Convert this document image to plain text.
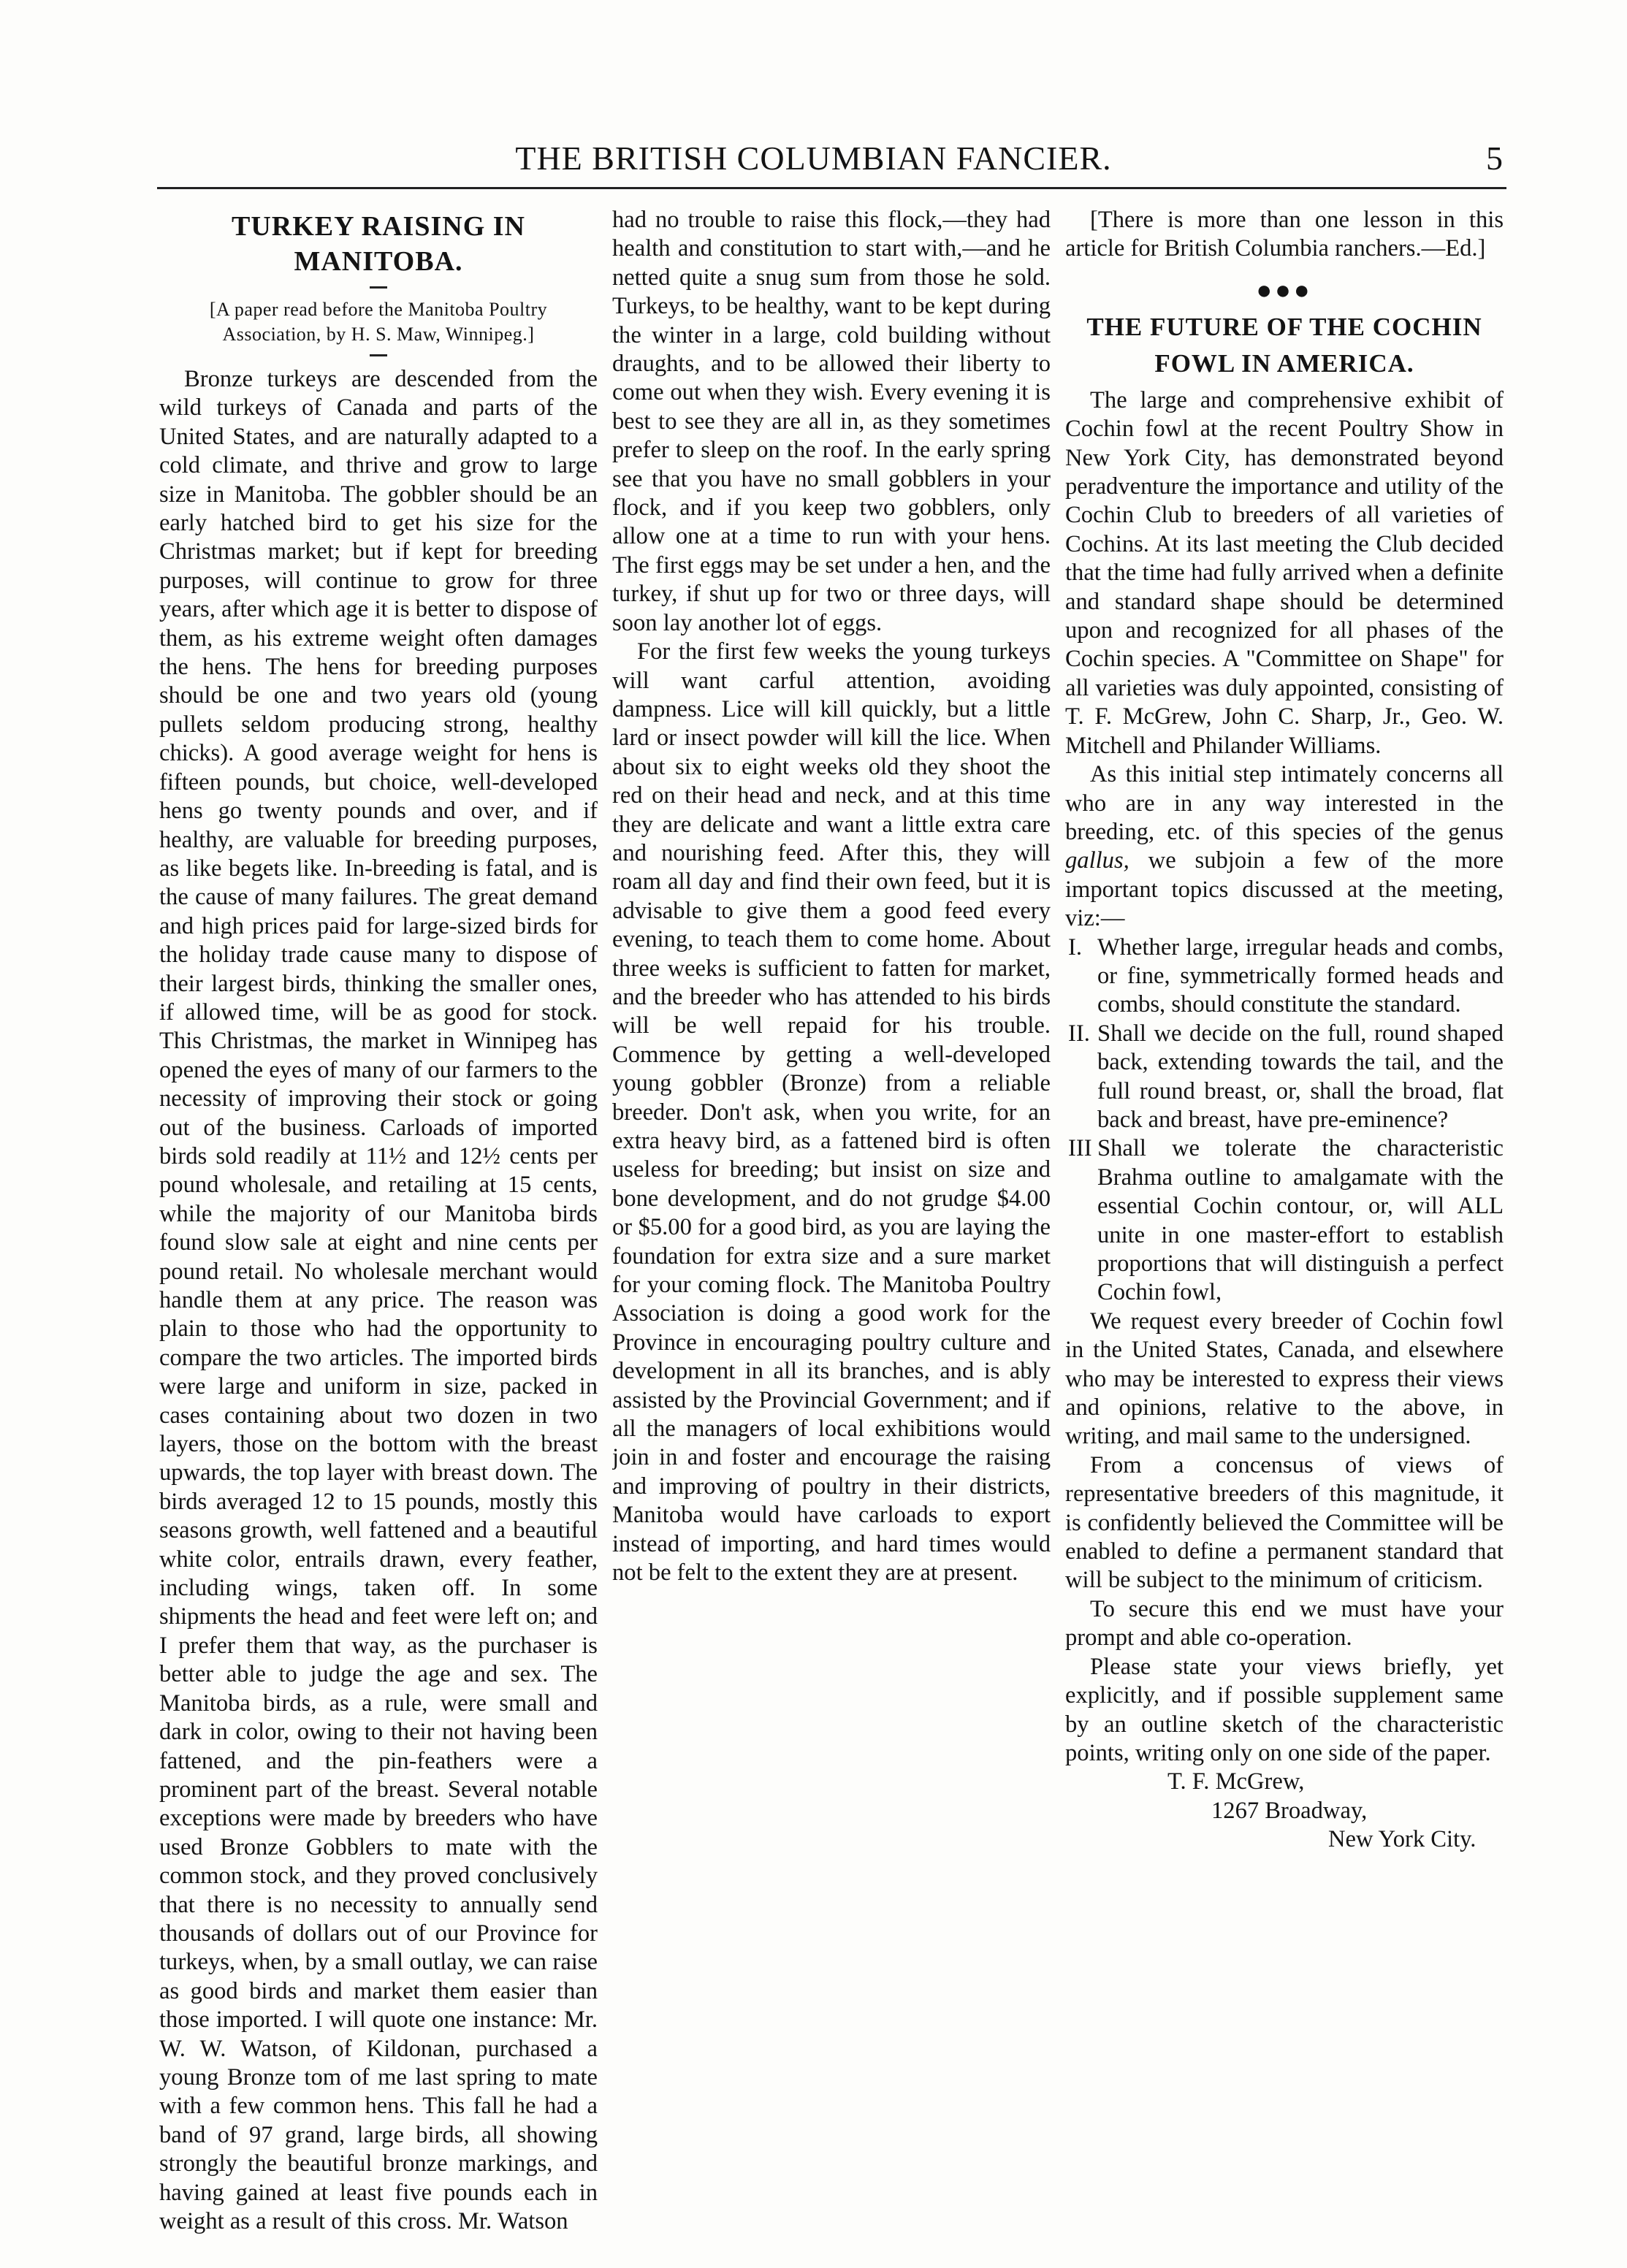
THE BRITISH COLUMBIAN FANCIER.	5
TURKEY RAISING IN MANITOBA.
[A paper read before the Manitoba Poultry Association, by H. S. Maw, Winnipeg.]

Bronze turkeys are descended from the wild turkeys of Canada and parts of the United States, and are naturally adapted to a cold climate, and thrive and grow to large size in Manitoba. The gobbler should be an early hatched bird to get his size for the Christmas market; but if kept for breeding purposes, will continue to grow for three years, after which age it is better to dispose of them, as his extreme weight often damages the hens. The hens for breeding purposes should be one and two years old (young pullets seldom producing strong, healthy chicks). A good average weight for hens is fifteen pounds, but choice, well-developed hens go twenty pounds and over, and if healthy, are valuable for breeding purposes, as like begets like. In-breeding is fatal, and is the cause of many failures. The great demand and high prices paid for large-sized birds for the holiday trade cause many to dispose of their largest birds, thinking the smaller ones, if allowed time, will be as good for stock. This Christmas, the market in Winnipeg has opened the eyes of many of our farmers to the necessity of improving their stock or going out of the business. Carloads of imported birds sold readily at 11½ and 12½ cents per pound wholesale, and retailing at 15 cents, while the majority of our Manitoba birds found slow sale at eight and nine cents per pound retail. No wholesale merchant would handle them at any price. The reason was plain to those who had the opportunity to compare the two articles. The imported birds were large and uniform in size, packed in cases containing about two dozen in two layers, those on the bottom with the breast upwards, the top layer with breast down. The birds averaged 12 to 15 pounds, mostly this seasons growth, well fattened and a beautiful white color, entrails drawn, every feather, including wings, taken off. In some shipments the head and feet were left on; and I prefer them that way, as the purchaser is better able to judge the age and sex. The Manitoba birds, as a rule, were small and dark in color, owing to their not having been fattened, and the pin-feathers were a prominent part of the breast. Several notable exceptions were made by breeders who have used Bronze Gobblers to mate with the common stock, and they proved conclusively that there is no necessity to annually send thousands of dollars out of our Province for turkeys, when, by a small outlay, we can raise as good birds and market them easier than those imported. I will quote one instance: Mr. W. W. Watson, of Kildonan, purchased a young Bronze tom of me last spring to mate with a few common hens. This fall he had a band of 97 grand, large birds, all showing strongly the beautiful bronze markings, and having gained at least five pounds each in weight as a result of this cross. Mr. Watson

had no trouble to raise this flock,—they had health and constitution to start with,—and he netted quite a snug sum from those he sold. Turkeys, to be healthy, want to be kept during the winter in a large, cold building without draughts, and to be allowed their liberty to come out when they wish. Every evening it is best to see they are all in, as they sometimes prefer to sleep on the roof. In the early spring see that you have no small gobblers in your flock, and if you keep two gobblers, only allow one at a time to run with your hens. The first eggs may be set under a hen, and the turkey, if shut up for two or three days, will soon lay another lot of eggs.

For the first few weeks the young turkeys will want carful attention, avoiding dampness. Lice will kill quickly, but a little lard or insect powder will kill the lice. When about six to eight weeks old they shoot the red on their head and neck, and at this time they are delicate and want a little extra care and nourishing feed. After this, they will roam all day and find their own feed, but it is advisable to give them a good feed every evening, to teach them to come home. About three weeks is sufficient to fatten for market, and the breeder who has attended to his birds will be well repaid for his trouble. Commence by getting a well-developed young gobbler (Bronze) from a reliable breeder. Don't ask, when you write, for an extra heavy bird, as a fattened bird is often useless for breeding; but insist on size and bone development, and do not grudge $4.00 or $5.00 for a good bird, as you are laying the foundation for extra size and a sure market for your coming flock. The Manitoba Poultry Association is doing a good work for the Province in encouraging poultry culture and development in all its branches, and is ably assisted by the Provincial Government; and if all the managers of local exhibitions would join in and foster and encourage the raising and improving of poultry in their districts, Manitoba would have carloads to export instead of importing, and hard times would not be felt to the extent they are at present.

[There is more than one lesson in this article for British Columbia ranchers.—Ed.]

●●●
THE FUTURE OF THE COCHIN FOWL IN AMERICA.

The large and comprehensive exhibit of Cochin fowl at the recent Poultry Show in New York City, has demonstrated beyond peradventure the importance and utility of the Cochin Club to breeders of all varieties of Cochins. At its last meeting the Club decided that the time had fully arrived when a definite and standard shape should be determined upon and recognized for all phases of the Cochin species. A "Committee on Shape" for all varieties was duly appointed, consisting of T. F. McGrew, John C. Sharp, Jr., Geo. W. Mitchell and Philander Williams.

As this initial step intimately concerns all who are in any way interested in the breeding, etc. of this species of the genus gallus, we subjoin a few of the more important topics discussed at the meeting, viz:—

I. Whether large, irregular heads and combs, or fine, symmetrically formed heads and combs, should constitute the standard.
II. Shall we decide on the full, round shaped back, extending towards the tail, and the full round breast, or, shall the broad, flat back and breast, have pre-eminence?
III Shall we tolerate the characteristic Brahma outline to amalgamate with the essential Cochin contour, or, will ALL unite in one master-effort to establish proportions that will distinguish a perfect Cochin fowl,

We request every breeder of Cochin fowl in the United States, Canada, and elsewhere who may be interested to express their views and opinions, relative to the above, in writing, and mail same to the undersigned.

From a concensus of views of representative breeders of this magnitude, it is confidently believed the Committee will be enabled to define a permanent standard that will be subject to the minimum of criticism.

To secure this end we must have your prompt and able co-operation.

Please state your views briefly, yet explicitly, and if possible supplement same by an outline sketch of the characteristic points, writing only on one side of the paper.

T. F. McGrew,
1267 Broadway,
New York City.
